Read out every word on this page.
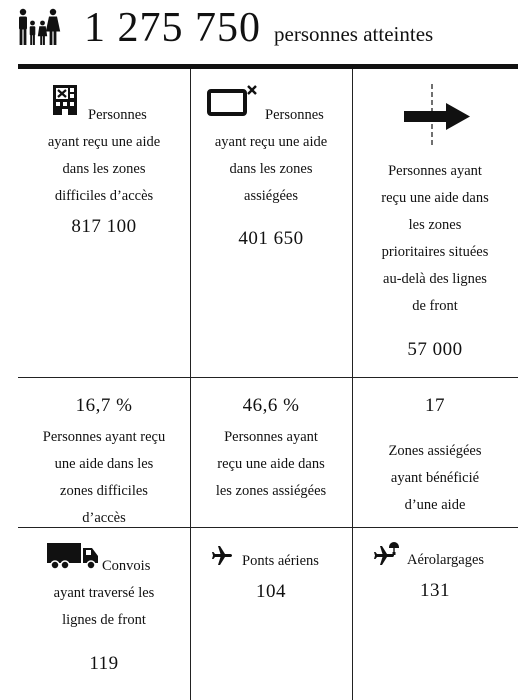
1 275 750 personnes atteintes
Personnes
ayant reçu une aide
dans les zones
difficiles d’accès
817 100
Personnes
ayant reçu une aide
dans les zones
assiégées
401 650
Personnes ayant
reçu une aide dans
les zones
prioritaires situées
au-delà des lignes
de front
57 000
16,7 %
Personnes ayant reçu
une aide dans les
zones difficiles
d’accès
46,6 %
Personnes ayant
reçu une aide dans
les zones assiégées
17
Zones assiégées
ayant bénéficié
d’une aide
Convois
ayant traversé les
lignes de front
119
Ponts aériens
104
Aérolargages
131
